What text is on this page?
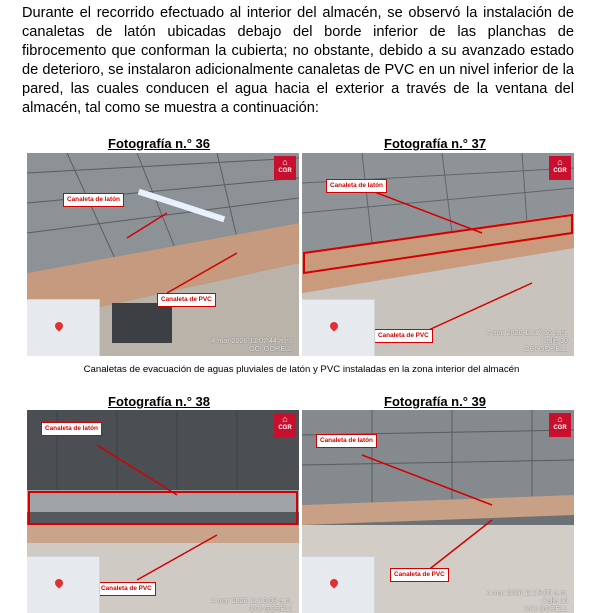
Durante el recorrido efectuado al interior del almacén, se observó la instalación de canaletas de latón ubicadas debajo del borde inferior de las planchas de fibrocemento que conforman la cubierta; no obstante, debido a su avanzado estado de deterioro, se instalaron adicionalmente canaletas de PVC en un nivel inferior de la pared, las cuales conducen el agua hacia el exterior a través de la ventana del almacén, tal como se muestra a continuación:

Fotografía n.° 36	Fotografía n.° 37
Canaleta de latón
Canaleta de PVC
⌂
CGR
4 mar 2026 11:07:44 a.m.
OCI GORELL
Canaleta de latón
Canaleta de PVC
⌂
CGR
4 mar 2026 11:17:16 a.m.
Calle 10
OCI GORELL
Canaletas de evacuación de aguas pluviales de latón y PVC instaladas en la zona interior del almacén
Fotografía n.° 38	Fotografía n.° 39
Canaleta de latón
Canaleta de PVC
⌂
CGR
4 mar 2026 11:16:03 a.m.
OCI GORELL
Canaleta de latón
Canaleta de PVC
⌂
CGR
4 mar 2026 11:18:05 a.m.
Calle 10
OCI GORELL
